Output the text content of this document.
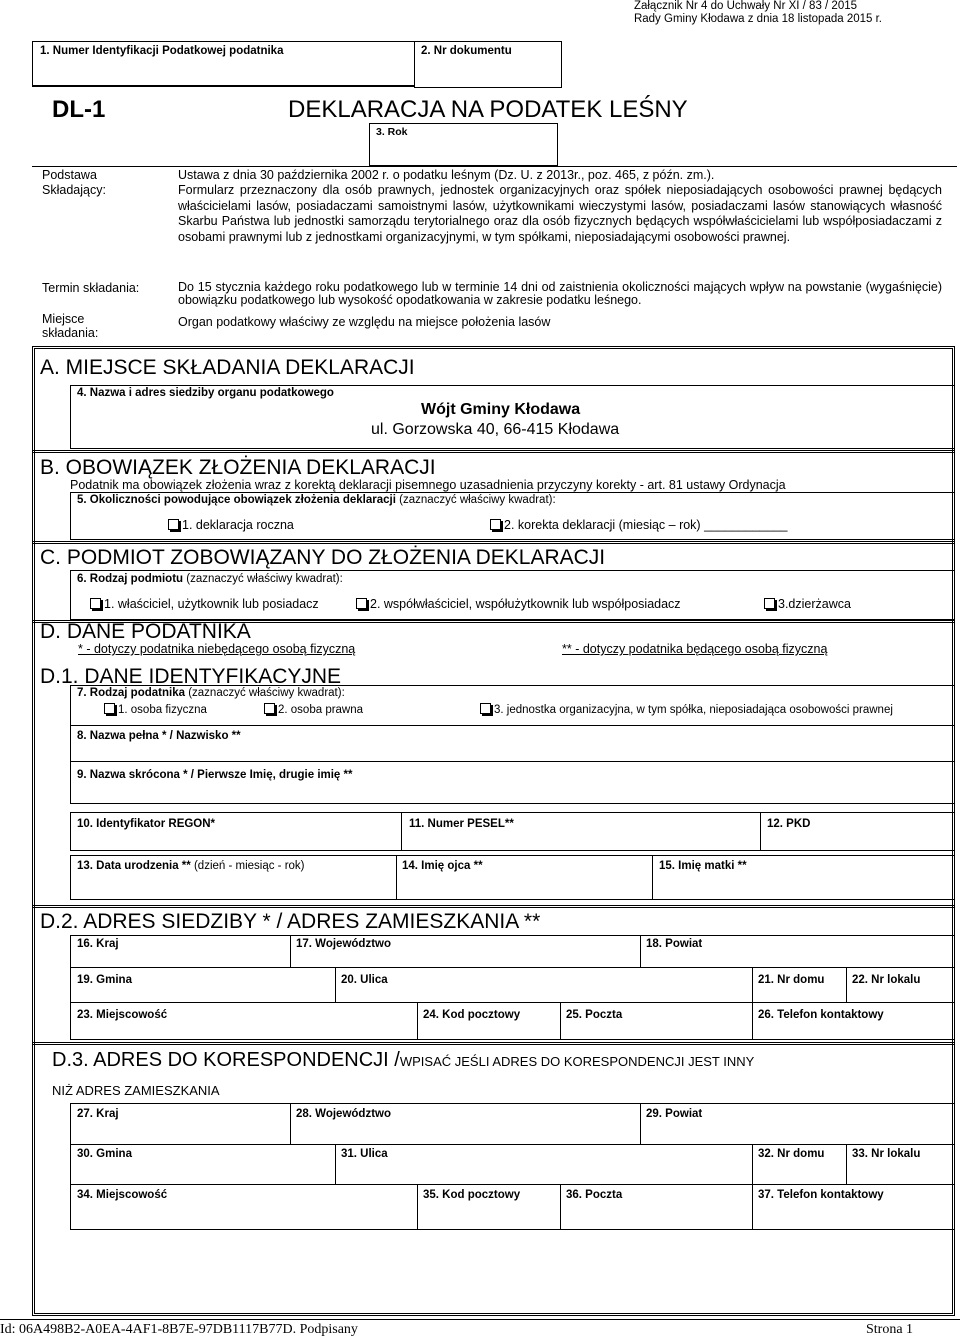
Załącznik Nr 4 do Uchwały Nr XI / 83 / 2015
Rady Gminy Kłodawa z dnia 18 listopada 2015 r.
1. Numer Identyfikacji Podatkowej podatnika	2. Nr dokumentu
DL-1	DEKLARACJA NA PODATEK LEŚNY
3. Rok
Podstawa	Ustawa z dnia 30 października 2002 r. o podatku leśnym (Dz. U. z 2013r., poz. 465, z późn. zm.).
Składający:	Formularz przeznaczony dla osób prawnych, jednostek organizacyjnych oraz spółek nieposiadających osobowości prawnej będących właścicielami lasów, posiadaczami samoistnymi lasów, użytkownikami wieczystymi lasów, posiadaczami lasów stanowiących własność Skarbu Państwa lub jednostki samorządu terytorialnego oraz dla osób fizycznych będących współwłaścicielami lub współposiadaczami z osobami prawnymi lub z jednostkami organizacyjnymi, w tym spółkami, nieposiadającymi osobowości prawnej.
Termin składania:	Do 15 stycznia każdego roku podatkowego lub w terminie 14 dni od zaistnienia okoliczności mających wpływ na powstanie (wygaśnięcie) obowiązku podatkowego lub wysokość opodatkowania w zakresie podatku leśnego.
Miejsce
składania:
Organ podatkowy właściwy ze względu na miejsce położenia lasów
A. MIEJSCE SKŁADANIA DEKLARACJI
4. Nazwa i adres siedziby organu podatkowego
Wójt Gminy Kłodawa
ul. Gorzowska 40, 66-415 Kłodawa
B. OBOWIĄZEK ZŁOŻENIA DEKLARACJI
Podatnik ma obowiązek złożenia wraz z korektą deklaracji pisemnego uzasadnienia przyczyny korekty - art. 81 ustawy Ordynacja
5. Okoliczności powodujące obowiązek złożenia deklaracji (zaznaczyć właściwy kwadrat):
1. deklaracja roczna	2. korekta deklaracji (miesiąc – rok) ____________
C. PODMIOT ZOBOWIĄZANY DO ZŁOŻENIA DEKLARACJI
6. Rodzaj podmiotu (zaznaczyć właściwy kwadrat):
1. właściciel, użytkownik lub posiadacz	2. współwłaściciel, współużytkownik lub współposiadacz	3.dzierżawca
D. DANE PODATNIKA
* - dotyczy podatnika niebędącego osobą fizyczną	** - dotyczy podatnika będącego osobą fizyczną
D.1. DANE IDENTYFIKACYJNE
7. Rodzaj podatnika (zaznaczyć właściwy kwadrat):
1. osoba fizyczna	2. osoba prawna	3. jednostka organizacyjna, w tym spółka, nieposiadająca osobowości prawnej
8. Nazwa pełna * / Nazwisko **
9. Nazwa skrócona * / Pierwsze Imię, drugie imię **
10. Identyfikator REGON*	11. Numer PESEL**	12. PKD
13. Data urodzenia ** (dzień - miesiąc - rok)	14. Imię ojca **	15. Imię matki **
D.2. ADRES SIEDZIBY * / ADRES ZAMIESZKANIA **
16. Kraj	17. Województwo	18. Powiat
19. Gmina	20. Ulica	21. Nr domu 22. Nr lokalu
23. Miejscowość	24. Kod pocztowy	25. Poczta	26. Telefon kontaktowy
D.3. ADRES DO KORESPONDENCJI /WPISAĆ JEŚLI ADRES DO KORESPONDENCJI JEST INNY
NIŻ ADRES ZAMIESZKANIA
27. Kraj	28. Województwo	29. Powiat
30. Gmina	31. Ulica	32. Nr domu 33. Nr lokalu
34. Miejscowość	35. Kod pocztowy	36. Poczta	37. Telefon kontaktowy
Id: 06A498B2-A0EA-4AF1-8B7E-97DB1117B77D. Podpisany	Strona 1
